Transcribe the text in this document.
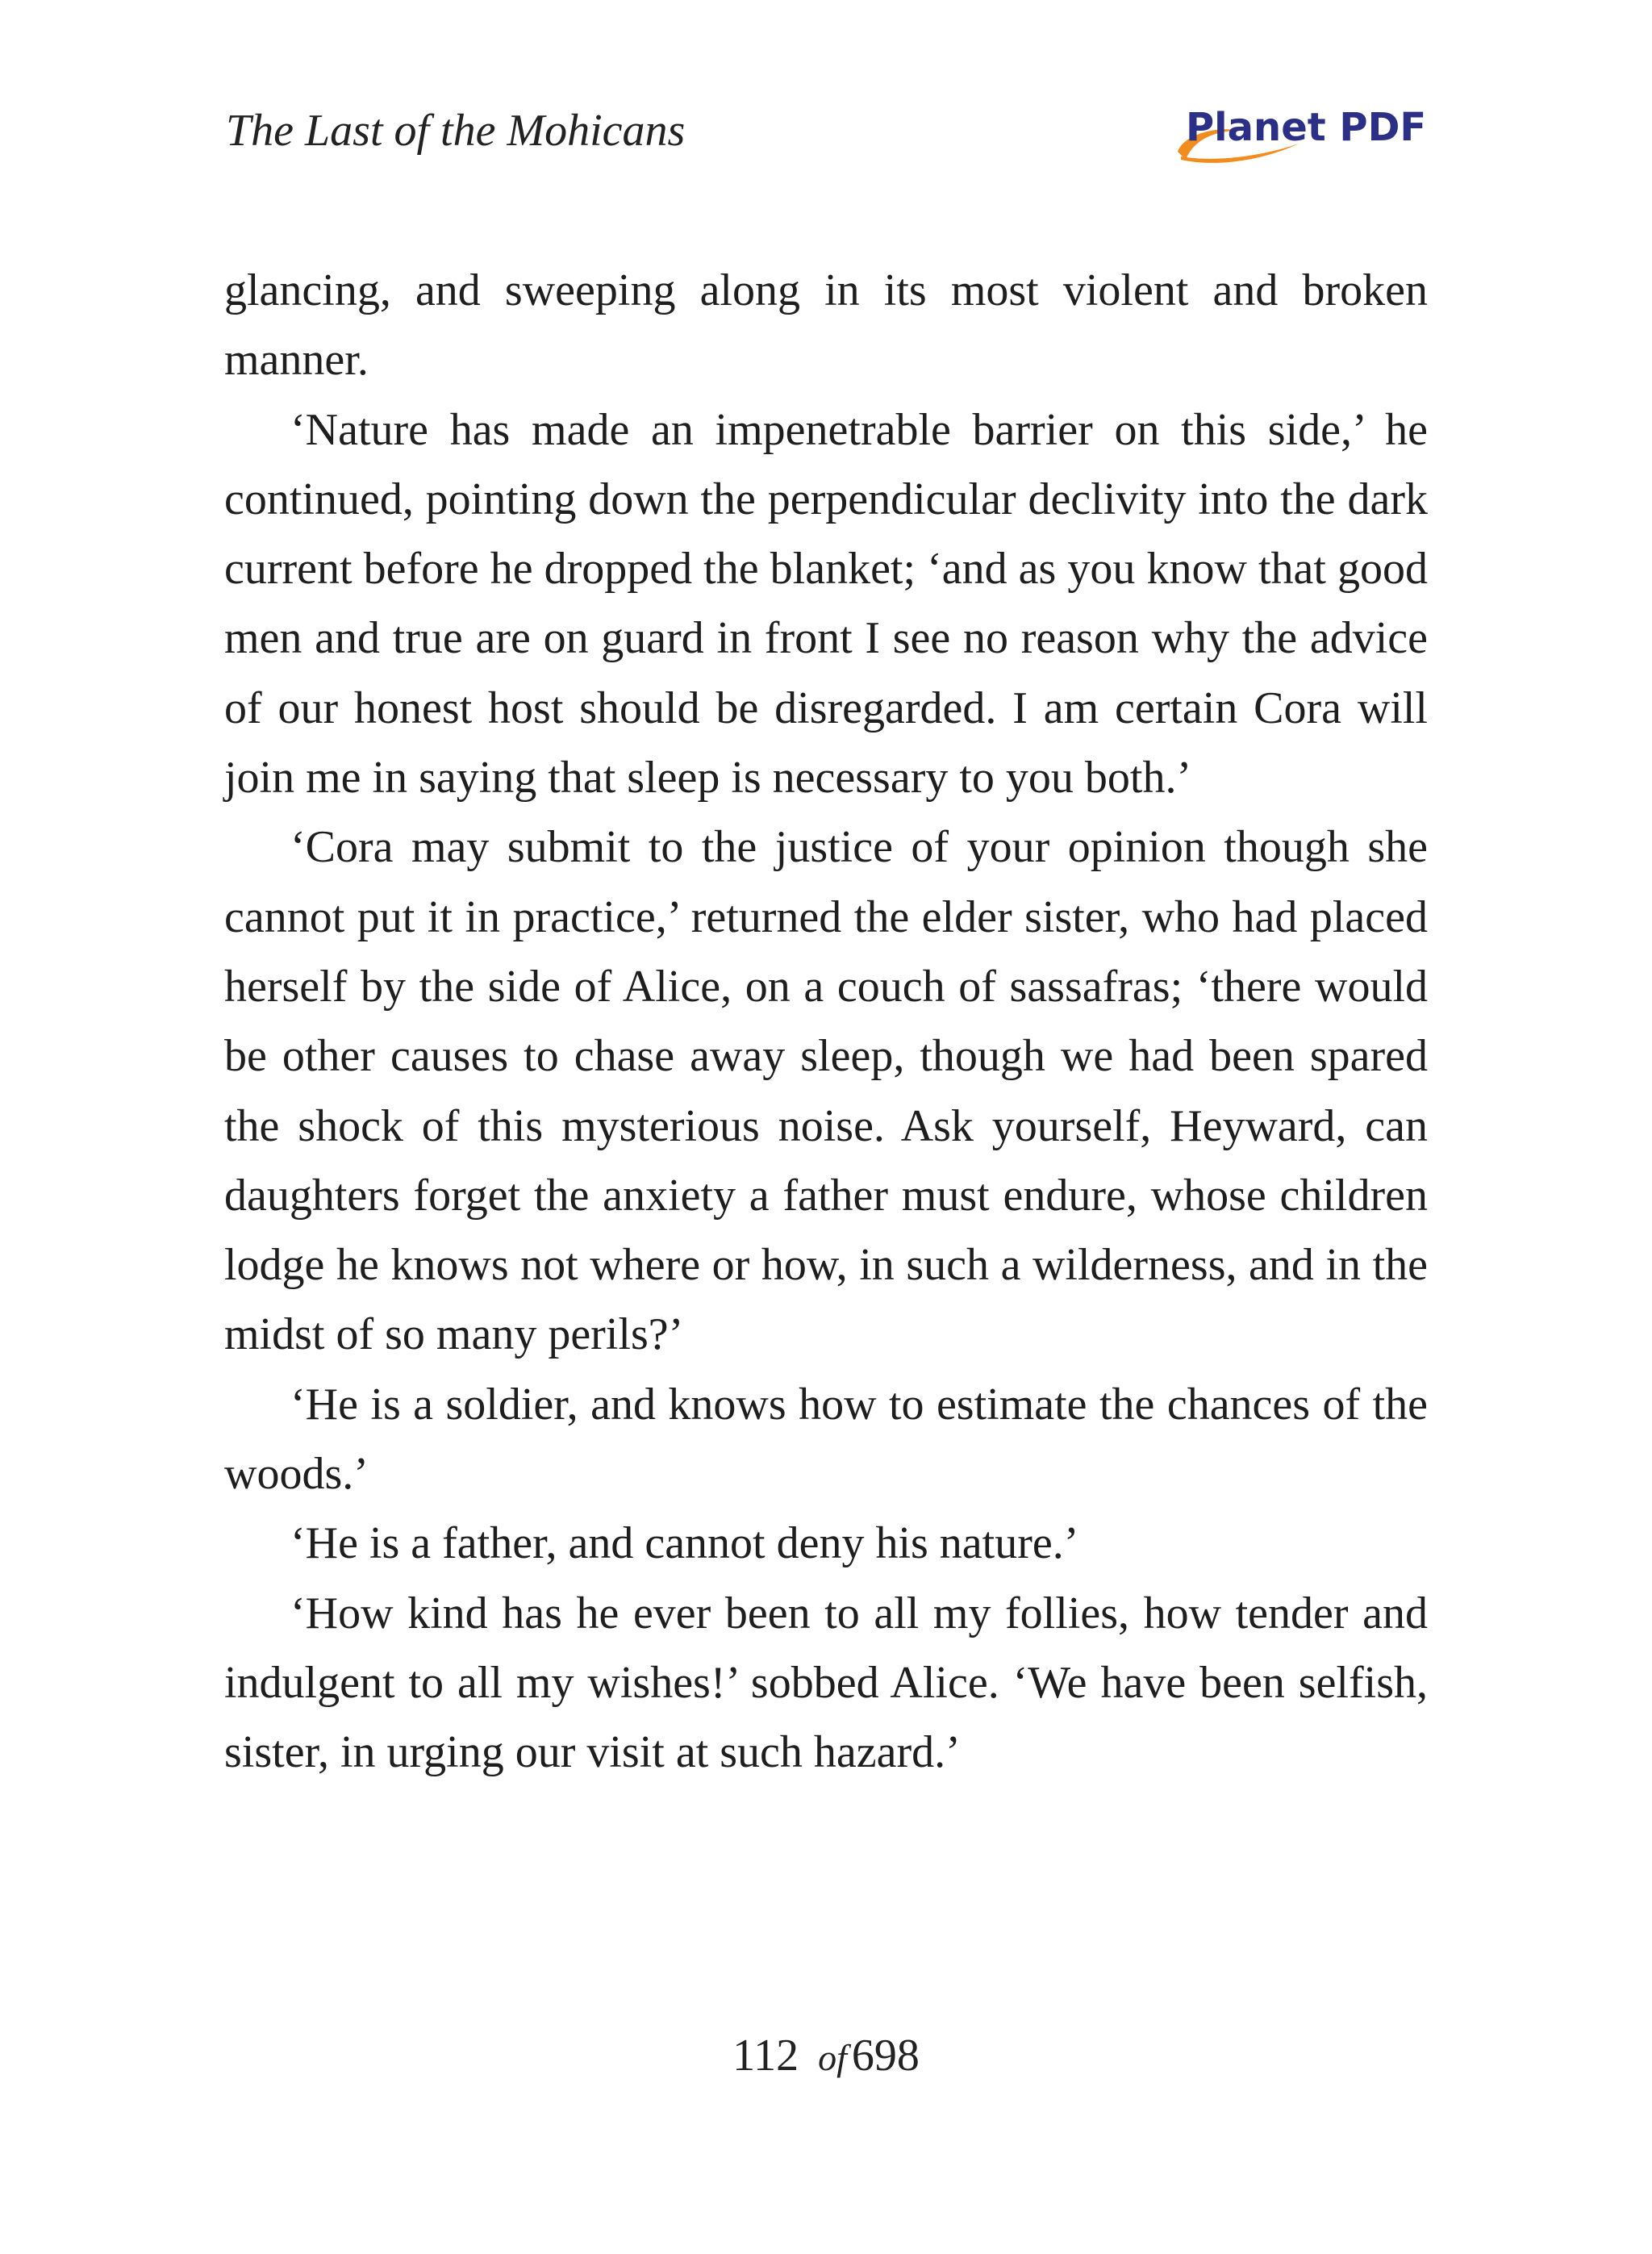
The Last of the Mohicans	Planet PDF

glancing, and sweeping along in its most violent and broken manner.

‘Nature has made an impenetrable barrier on this side,’ he continued, pointing down the perpendicular declivity into the dark current before he dropped the blanket; ‘and as you know that good men and true are on guard in front I see no reason why the advice of our honest host should be disregarded. I am certain Cora will join me in saying that sleep is necessary to you both.’

‘Cora may submit to the justice of your opinion though she cannot put it in practice,’ returned the elder sister, who had placed herself by the side of Alice, on a couch of sassafras; ‘there would be other causes to chase away sleep, though we had been spared the shock of this mysterious noise. Ask yourself, Heyward, can daughters forget the anxiety a father must endure, whose children lodge he knows not where or how, in such a wilderness, and in the midst of so many perils?’

‘He is a soldier, and knows how to estimate the chances of the woods.’

‘He is a father, and cannot deny his nature.’

‘How kind has he ever been to all my follies, how tender and indulgent to all my wishes!’ sobbed Alice. ‘We have been selfish, sister, in urging our visit at such hazard.’

112 of 698
